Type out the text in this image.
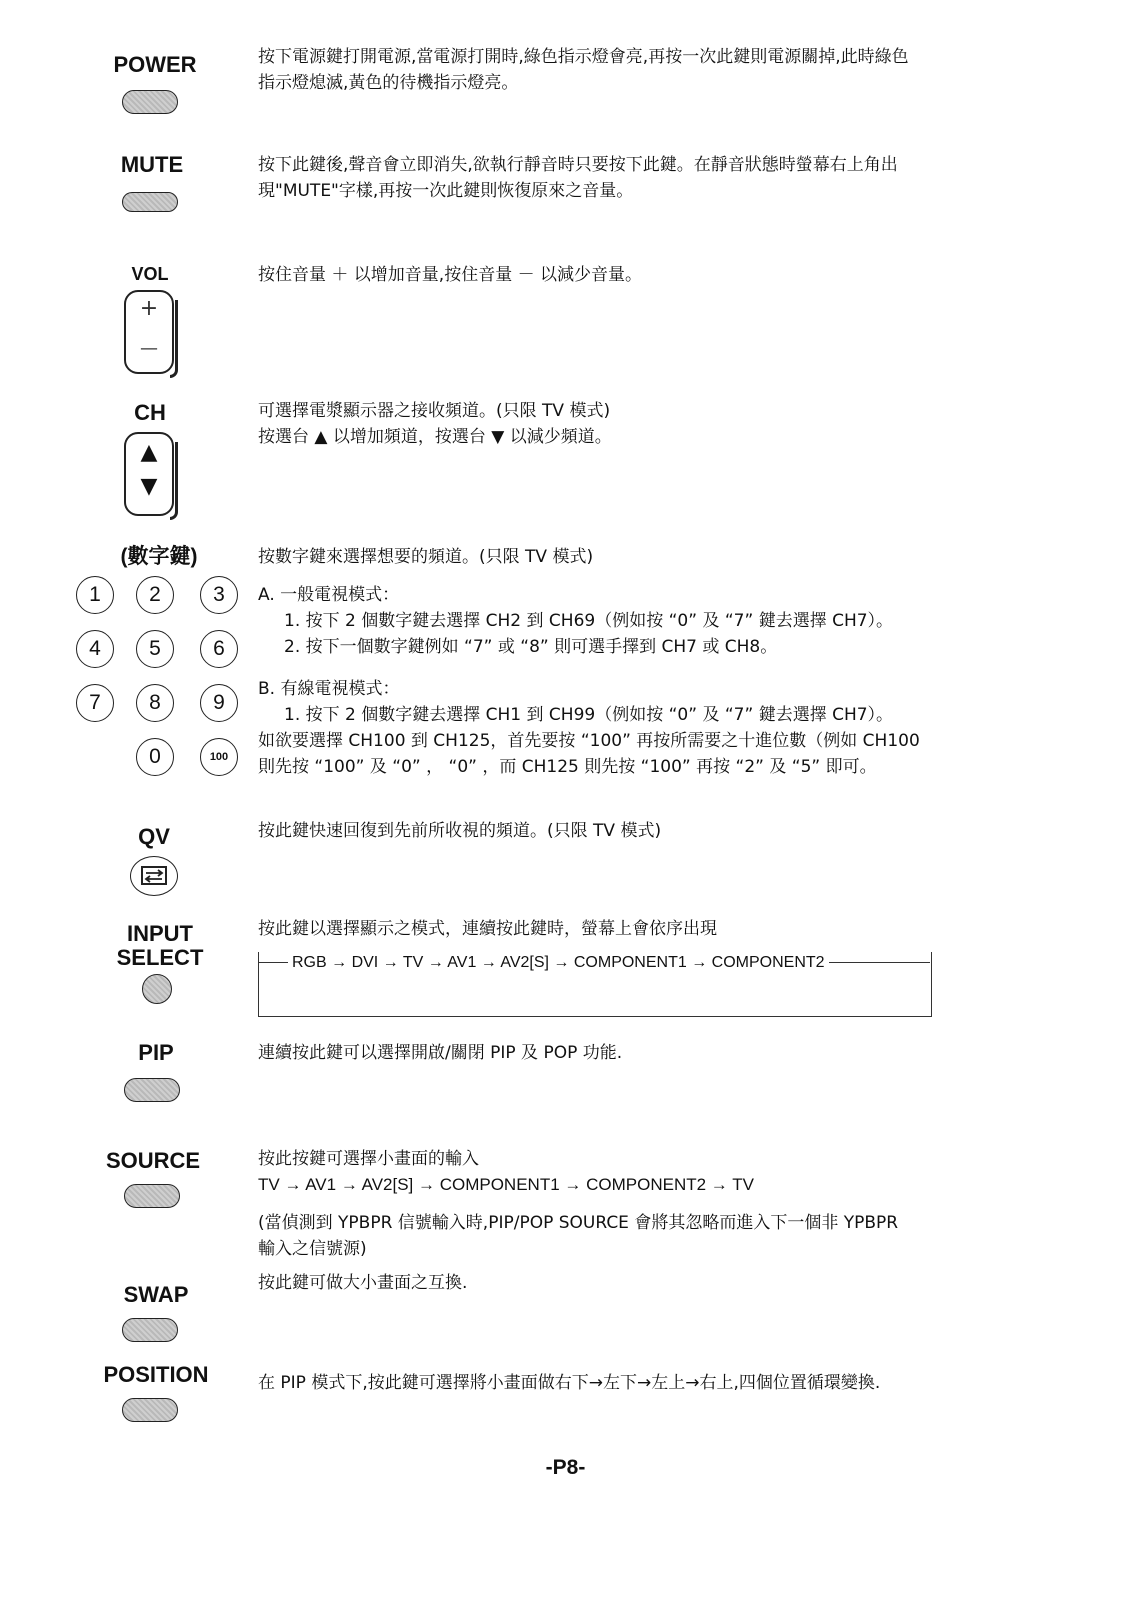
POWER	按下電源鍵打開電源,當電源打開時,綠色指示燈會亮,再按一次此鍵則電源關掉,此時綠色
指示燈熄滅,黃色的待機指示燈亮。
MUTE	按下此鍵後,聲音會立即消失,欲執行靜音時只要按下此鍵。在靜音狀態時螢幕右上角出
現"MUTE"字樣,再按一次此鍵則恢復原來之音量。
VOL
+
—
按住音量 ＋ 以增加音量,按住音量 － 以減少音量。
CH
▲
▼
可選擇電漿顯示器之接收頻道。(只限 TV 模式)
按選台 ▲ 以增加頻道，按選台 ▼ 以減少頻道。
(數字鍵)
1	2	3
4	5	6
7	8	9
0	100
按數字鍵來選擇想要的頻道。(只限 TV 模式)
A. 一般電視模式：
1. 按下 2 個數字鍵去選擇 CH2 到 CH69（例如按 “0” 及 “7” 鍵去選擇 CH7）。
2. 按下一個數字鍵例如 “7” 或 “8” 則可選手擇到 CH7 或 CH8。
B. 有線電視模式：
1. 按下 2 個數字鍵去選擇 CH1 到 CH99（例如按 “0” 及 “7” 鍵去選擇 CH7）。
如欲要選擇 CH100 到 CH125，首先要按 “100” 再按所需要之十進位數（例如 CH100
則先按 “100” 及 “0” ， “0” ，而 CH125 則先按 “100” 再按 “2” 及 “5” 即可。
QV	按此鍵快速回復到先前所收視的頻道。(只限 TV 模式)
INPUT
SELECT
按此鍵以選擇顯示之模式，連續按此鍵時，螢幕上會依序出現
RGB → DVI → TV → AV1 → AV2[S] → COMPONENT1 → COMPONENT2
PIP	連續按此鍵可以選擇開啟/關閉 PIP 及 POP 功能.
SOURCE	按此按鍵可選擇小畫面的輸入
TV → AV1 → AV2[S] → COMPONENT1 → COMPONENT2 → TV
(當偵測到 YPBPR 信號輸入時,PIP/POP SOURCE 會將其忽略而進入下一個非 YPBPR
輸入之信號源)
SWAP	按此鍵可做大小畫面之互換.
POSITION	在 PIP 模式下,按此鍵可選擇將小畫面做右下→左下→左上→右上,四個位置循環變換.
-P8-
